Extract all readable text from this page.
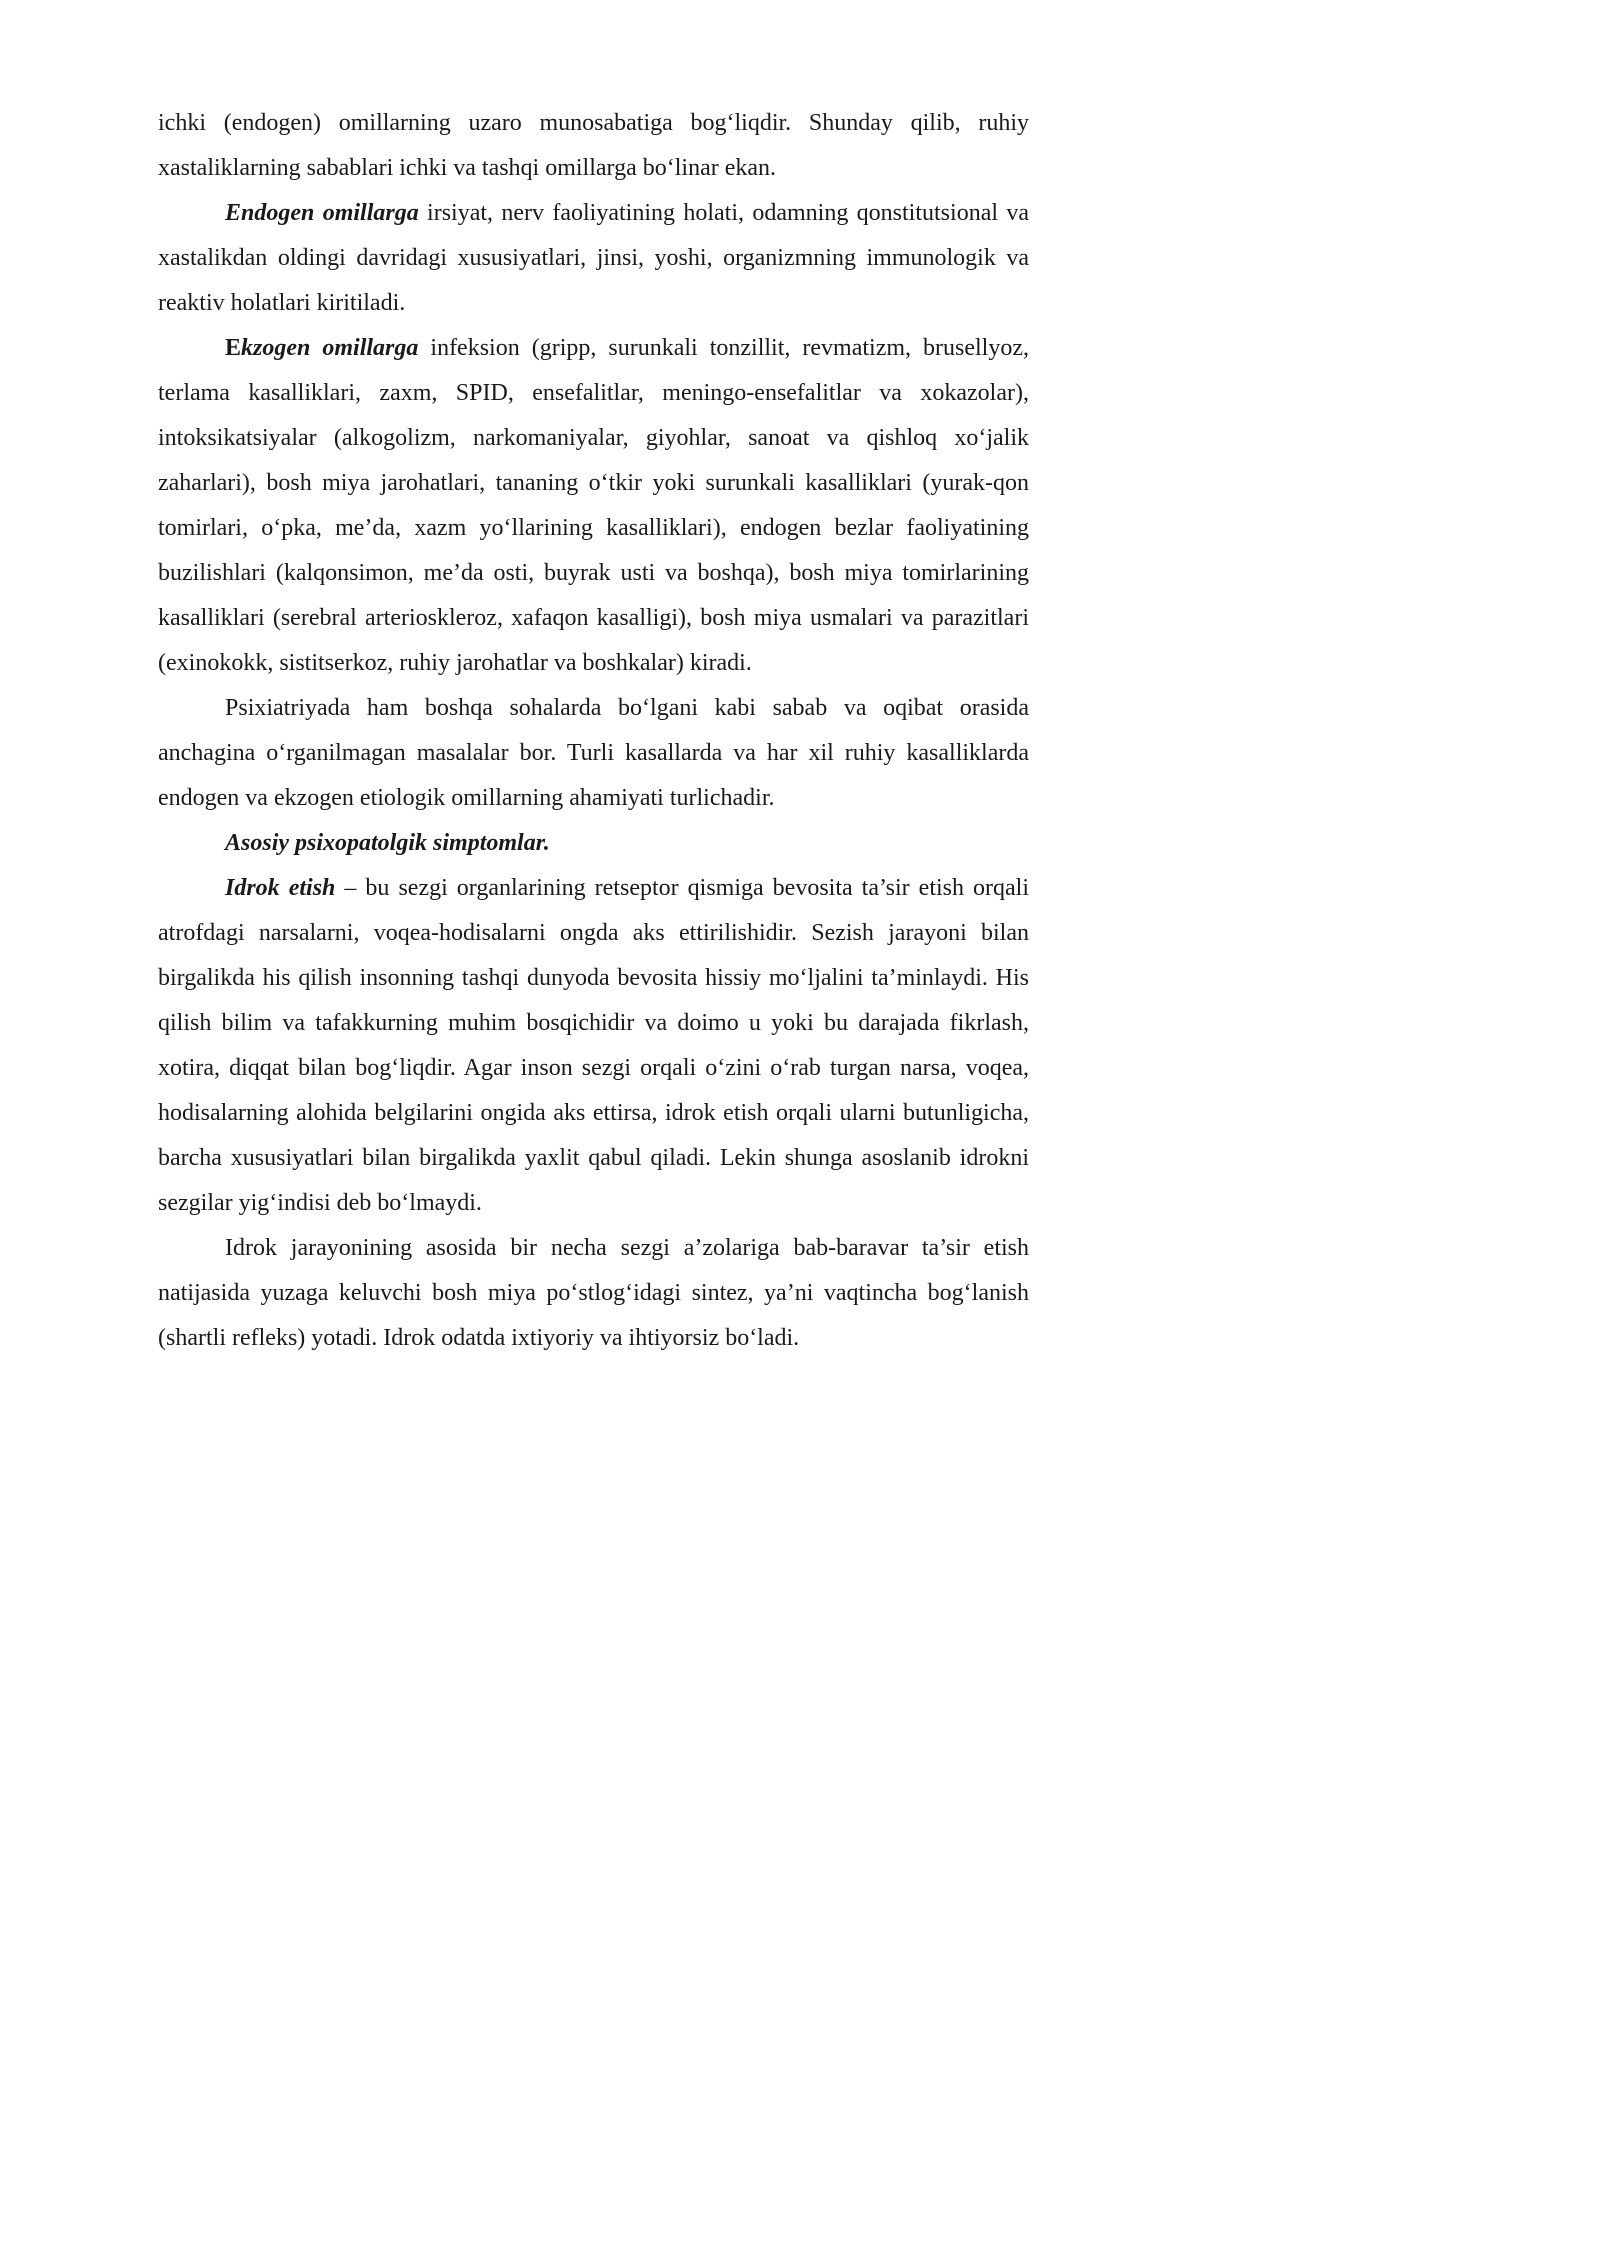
ichki (endogen) omillarning uzaro munosabatiga bog‘liqdir. Shunday qilib, ruhiy xastaliklarning sabablari ichki va tashqi omillarga bo‘linar ekan.

Endogen omillarga irsiyat, nerv faoliyatining holati, odamning qonstitutsional va xastalikdan oldingi davridagi xususiyatlari, jinsi, yoshi, organizmning immunologik va reaktiv holatlari kiritiladi.

Ekzogen omillarga infeksion (gripp, surunkali tonzillit, revmatizm, brusellyoz, terlama kasalliklari, zaxm, SPID, ensefalitlar, meningo-ensefalitlar va xokazolar), intoksikatsiyalar (alkogolizm, narkomaniyalar, giyohlar, sanoat va qishloq xo‘jalik zaharlari), bosh miya jarohatlari, tananing o‘tkir yoki surunkali kasalliklari (yurak-qon tomirlari, o‘pka, me’da, xazm yo‘llarining kasalliklari), endogen bezlar faoliyatining buzilishlari (kalqonsimon, me’da osti, buyrak usti va boshqa), bosh miya tomirlarining kasalliklari (serebral arterioskleroz, xafaqon kasalligi), bosh miya usmalari va parazitlari (exinokokk, sistitserkoz, ruhiy jarohatlar va boshkalar) kiradi.

Psixiatriyada ham boshqa sohalarda bo‘lgani kabi sabab va oqibat orasida anchagina o‘rganilmagan masalalar bor. Turli kasallarda va har xil ruhiy kasalliklarda endogen va ekzogen etiologik omillarning ahamiyati turlichadir.

Asosiy psixopatolgik simptomlar.

Idrok etish – bu sezgi organlarining retseptor qismiga bevosita ta’sir etish orqali atrofdagi narsalarni, voqea-hodisalarni ongda aks ettirilishidir. Sezish jarayoni bilan birgalikda his qilish insonning tashqi dunyoda bevosita hissiy mo‘ljalini ta’minlaydi. His qilish bilim va tafakkurning muhim bosqichidir va doimo u yoki bu darajada fikrlash, xotira, diqqat bilan bog‘liqdir. Agar inson sezgi orqali o‘zini o‘rab turgan narsa, voqea, hodisalarning alohida belgilarini ongida aks ettirsa, idrok etish orqali ularni butunligicha, barcha xususiyatlari bilan birgalikda yaxlit qabul qiladi. Lekin shunga asoslanib idrokni sezgilar yig‘indisi deb bo‘lmaydi.

Idrok jarayonining asosida bir necha sezgi a’zolariga bab-baravar ta’sir etish natijasida yuzaga keluvchi bosh miya po‘stlog‘idagi sintez, ya’ni vaqtincha bog‘lanish (shartli refleks) yotadi. Idrok odatda ixtiyoriy va ihtiyorsiz bo‘ladi.
